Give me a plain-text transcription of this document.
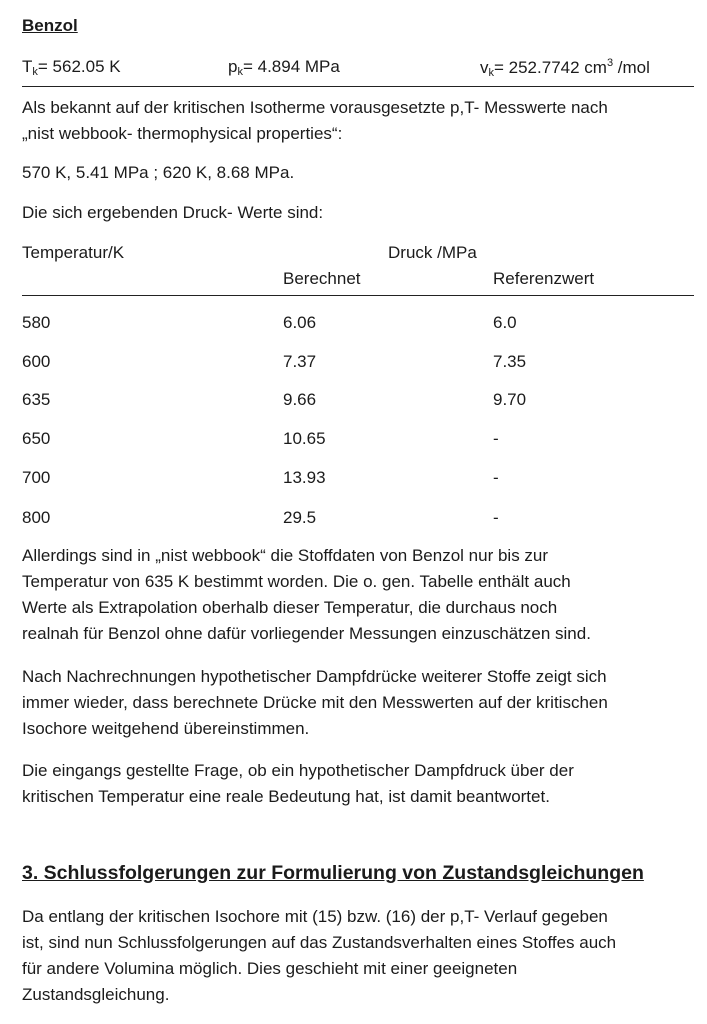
Benzol
$T_k= 562.05$ K	$p_k= 4.894$ MPa	$v_k= 252.7742$ $cm^3$ /mol
Als bekannt auf der kritischen Isotherme vorausgesetzte p,T- Messwerte nach
„nist webbook- thermophysical properties“:
570 K, 5.41 MPa ; 620 K, 8.68 MPa.
Die sich ergebenden Druck- Werte sind:
Temperatur/K	Druck /MPa
Berechnet	Referenzwert
580	6.06	6.0
600	7.37	7.35
635	9.66	9.70
650	10.65	-
700	13.93	-
800	29.5	-
Allerdings sind in „nist webbook“ die Stoffdaten von Benzol nur bis zur
Temperatur von 635 K bestimmt worden. Die o. gen. Tabelle enthält auch
Werte als Extrapolation oberhalb dieser Temperatur, die durchaus noch
realnah für Benzol ohne dafür vorliegender Messungen einzuschätzen sind.
Nach Nachrechnungen hypothetischer Dampfdrücke weiterer Stoffe zeigt sich
immer wieder, dass berechnete Drücke mit den Messwerten auf der kritischen
Isochore weitgehend übereinstimmen.
Die eingangs gestellte Frage, ob ein hypothetischer Dampfdruck über der
kritischen Temperatur eine reale Bedeutung hat, ist damit beantwortet.
3. Schlussfolgerungen zur Formulierung von Zustandsgleichungen
Da entlang der kritischen Isochore mit (15) bzw. (16) der p,T- Verlauf gegeben
ist, sind nun Schlussfolgerungen auf das Zustandsverhalten eines Stoffes auch
für andere Volumina möglich. Dies geschieht mit einer geeigneten
Zustandsgleichung.
